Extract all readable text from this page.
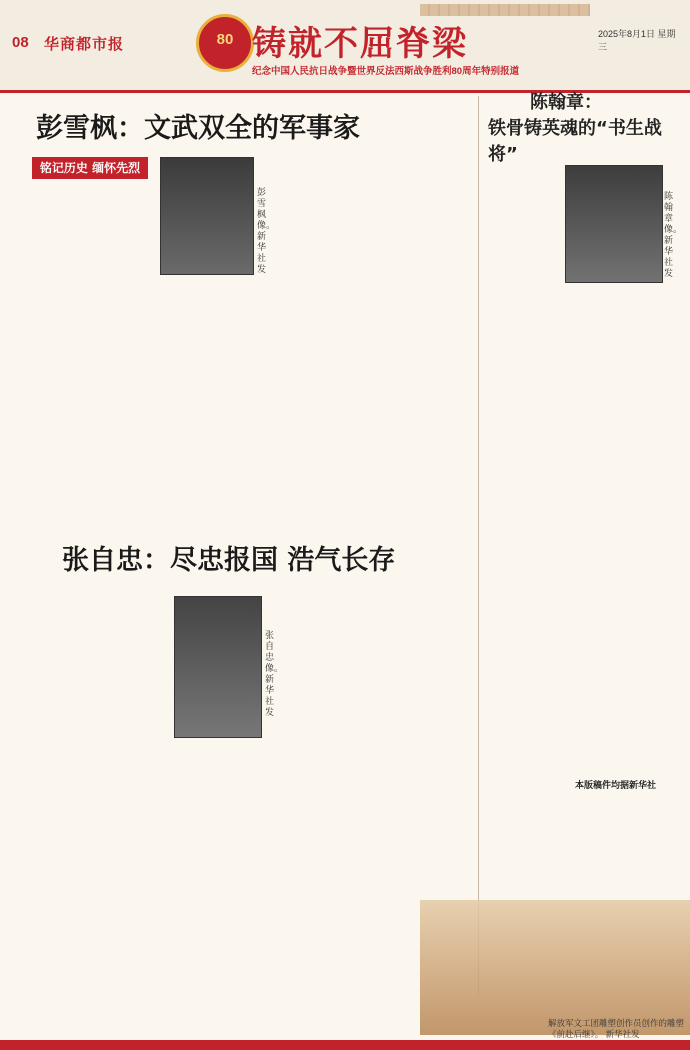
08 华商都市报	80 铸就不屈脊梁
纪念中国人民抗日战争暨世界反法西斯战争胜利80周年特别报道
2025年8月1日 星期三
彭雪枫：文武双全的军事家
铭记历史 缅怀先烈
彭雪枫像。 新华社发
张自忠：尽忠报国 浩气长存
张自忠像。 新华社发
陈翰章：
铁骨铸英魂的“书生战将”
陈翰章像。 新华社发
本版稿件均据新华社
解放军文工团雕塑创作员创作的雕塑《前赴后继》。 新华社发
